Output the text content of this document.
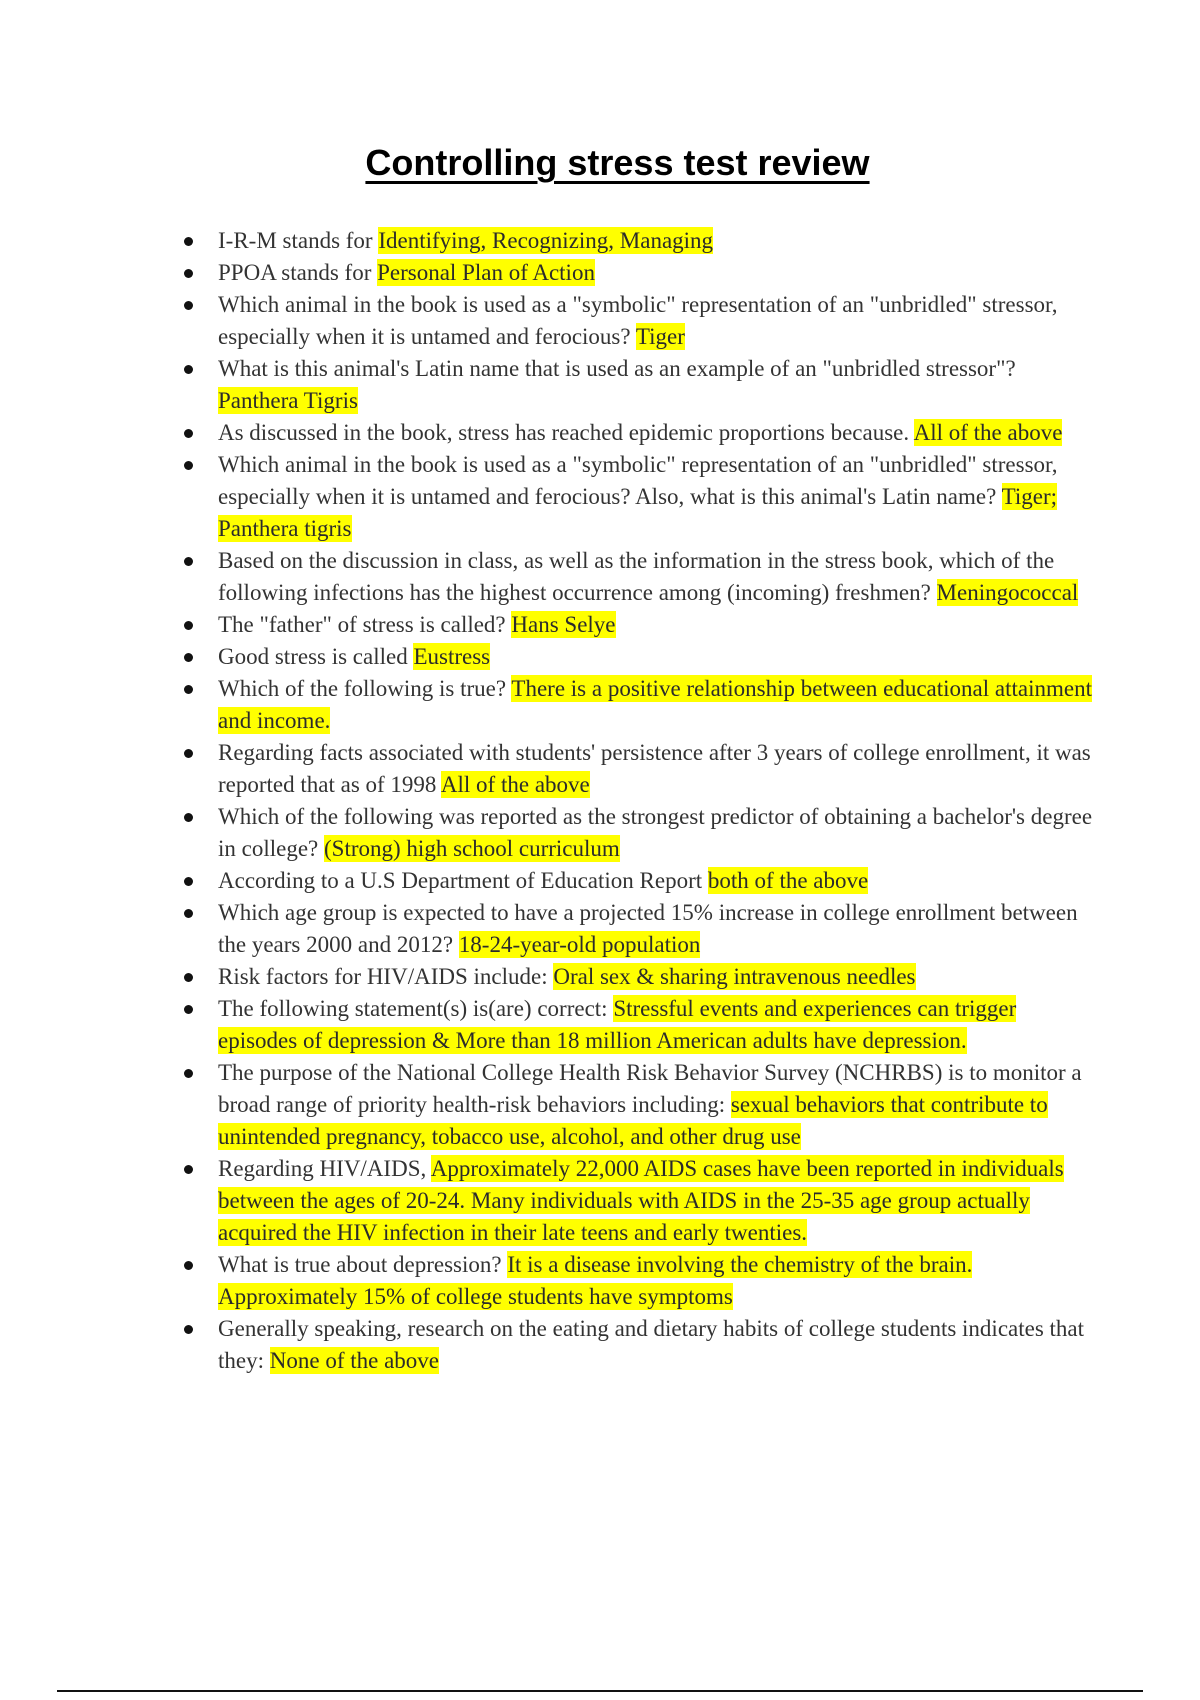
Controlling stress test review
I-R-M stands for Identifying, Recognizing, Managing
PPOA stands for Personal Plan of Action
Which animal in the book is used as a "symbolic" representation of an "unbridled" stressor, especially when it is untamed and ferocious? Tiger
What is this animal's Latin name that is used as an example of an "unbridled stressor"? Panthera Tigris
As discussed in the book, stress has reached epidemic proportions because. All of the above
Which animal in the book is used as a "symbolic" representation of an "unbridled" stressor, especially when it is untamed and ferocious? Also, what is this animal's Latin name? Tiger; Panthera tigris
Based on the discussion in class, as well as the information in the stress book, which of the following infections has the highest occurrence among (incoming) freshmen? Meningococcal
The "father" of stress is called? Hans Selye
Good stress is called Eustress
Which of the following is true? There is a positive relationship between educational attainment and income.
Regarding facts associated with students' persistence after 3 years of college enrollment, it was reported that as of 1998 All of the above
Which of the following was reported as the strongest predictor of obtaining a bachelor's degree in college? (Strong) high school curriculum
According to a U.S Department of Education Report both of the above
Which age group is expected to have a projected 15% increase in college enrollment between the years 2000 and 2012? 18-24-year-old population
Risk factors for HIV/AIDS include: Oral sex & sharing intravenous needles
The following statement(s) is(are) correct: Stressful events and experiences can trigger episodes of depression & More than 18 million American adults have depression.
The purpose of the National College Health Risk Behavior Survey (NCHRBS) is to monitor a broad range of priority health-risk behaviors including: sexual behaviors that contribute to unintended pregnancy, tobacco use, alcohol, and other drug use
Regarding HIV/AIDS, Approximately 22,000 AIDS cases have been reported in individuals between the ages of 20-24. Many individuals with AIDS in the 25-35 age group actually acquired the HIV infection in their late teens and early twenties.
What is true about depression? It is a disease involving the chemistry of the brain. Approximately 15% of college students have symptoms
Generally speaking, research on the eating and dietary habits of college students indicates that they: None of the above
